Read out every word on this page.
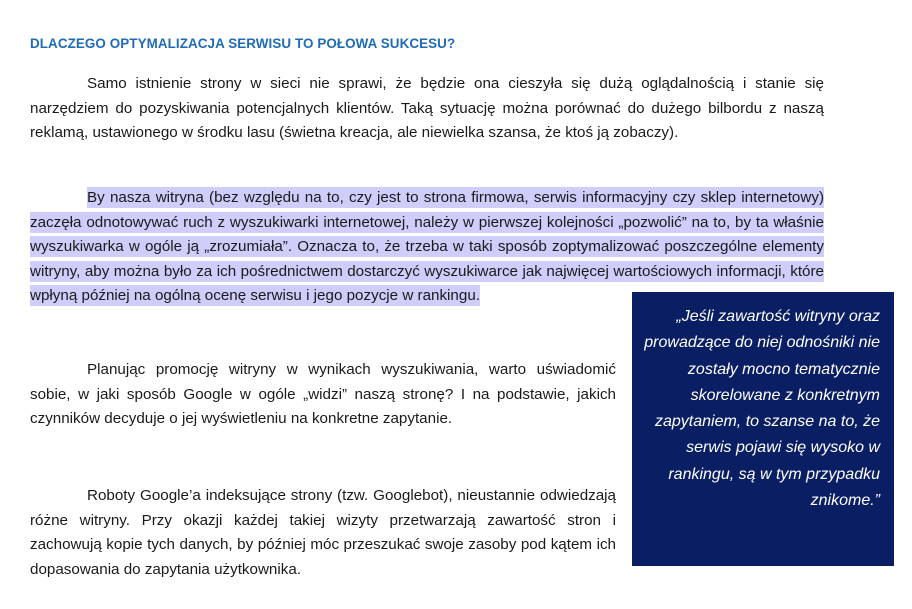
DLACZEGO OPTYMALIZACJA SERWISU TO POŁOWA SUKCESU?

Samo istnienie strony w sieci nie sprawi, że będzie ona cieszyła się dużą oglądalnością i stanie się narzędziem do pozyskiwania potencjalnych klientów. Taką sytuację można porównać do dużego bilbordu z naszą reklamą, ustawionego w środku lasu (świetna kreacja, ale niewielka szansa, że ktoś ją zobaczy).

By nasza witryna (bez względu na to, czy jest to strona firmowa, serwis informacyjny czy sklep internetowy) zaczęła odnotowywać ruch z wyszukiwarki internetowej, należy w pierwszej kolejności „pozwolić” na to, by ta właśnie wyszukiwarka w ogóle ją „zrozumiała”. Oznacza to, że trzeba w taki sposób zoptymalizować poszczególne elementy witryny, aby można było za ich pośrednictwem dostarczyć wyszukiwarce jak najwięcej wartościowych informacji, które wpłyną później na ogólną ocenę serwisu i jego pozycje w rankingu.

Planując promocję witryny w wynikach wyszukiwania, warto uświadomić sobie, w jaki sposób Google w ogóle „widzi” naszą stronę? I na podstawie, jakich czynników decyduje o jej wyświetleniu na konkretne zapytanie.

Roboty Google’a indeksujące strony (tzw. Googlebot), nieustannie odwiedzają różne witryny. Przy okazji każdej takiej wizyty przetwarzają zawartość stron i zachowują kopie tych danych, by później móc przeszukać swoje zasoby pod kątem ich dopasowania do zapytania użytkownika.

„Jeśli zawartość witryny oraz prowadzące do niej odnośniki nie zostały mocno tematycznie skorelowane z konkretnym zapytaniem, to szanse na to, że serwis pojawi się wysoko w rankingu, są w tym przypadku znikome.”
